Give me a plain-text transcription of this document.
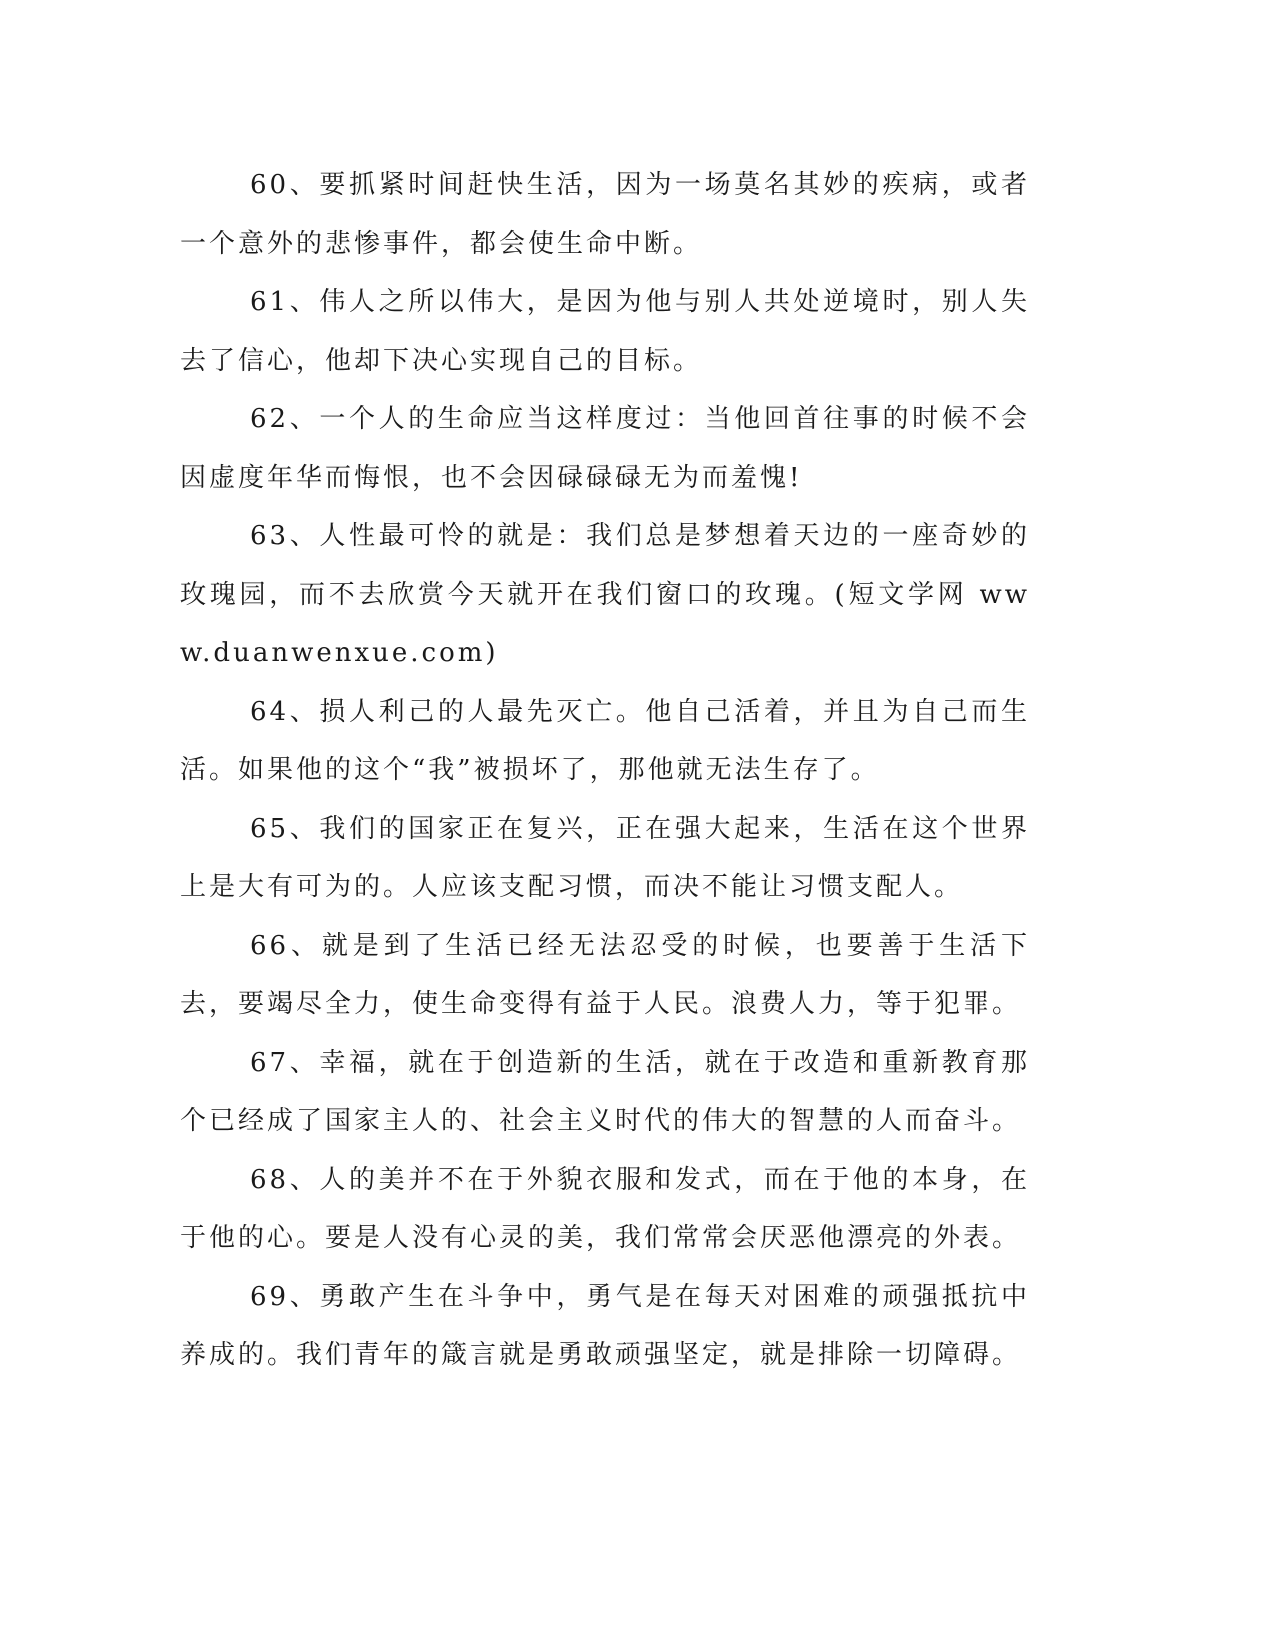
60、要抓紧时间赶快生活，因为一场莫名其妙的疾病，或者一个意外的悲惨事件，都会使生命中断。

61、伟人之所以伟大，是因为他与别人共处逆境时，别人失去了信心，他却下决心实现自己的目标。

62、一个人的生命应当这样度过：当他回首往事的时候不会因虚度年华而悔恨，也不会因碌碌碌无为而羞愧!

63、人性最可怜的就是：我们总是梦想着天边的一座奇妙的玫瑰园，而不去欣赏今天就开在我们窗口的玫瑰。(短文学网 www.duanwenxue.com)

64、损人利己的人最先灭亡。他自己活着，并且为自己而生活。如果他的这个“我”被损坏了，那他就无法生存了。

65、我们的国家正在复兴，正在强大起来，生活在这个世界上是大有可为的。人应该支配习惯，而决不能让习惯支配人。

66、就是到了生活已经无法忍受的时候，也要善于生活下去，要竭尽全力，使生命变得有益于人民。浪费人力，等于犯罪。

67、幸福，就在于创造新的生活，就在于改造和重新教育那个已经成了国家主人的、社会主义时代的伟大的智慧的人而奋斗。

68、人的美并不在于外貌衣服和发式，而在于他的本身，在于他的心。要是人没有心灵的美，我们常常会厌恶他漂亮的外表。

69、勇敢产生在斗争中，勇气是在每天对困难的顽强抵抗中养成的。我们青年的箴言就是勇敢顽强坚定，就是排除一切障碍。
